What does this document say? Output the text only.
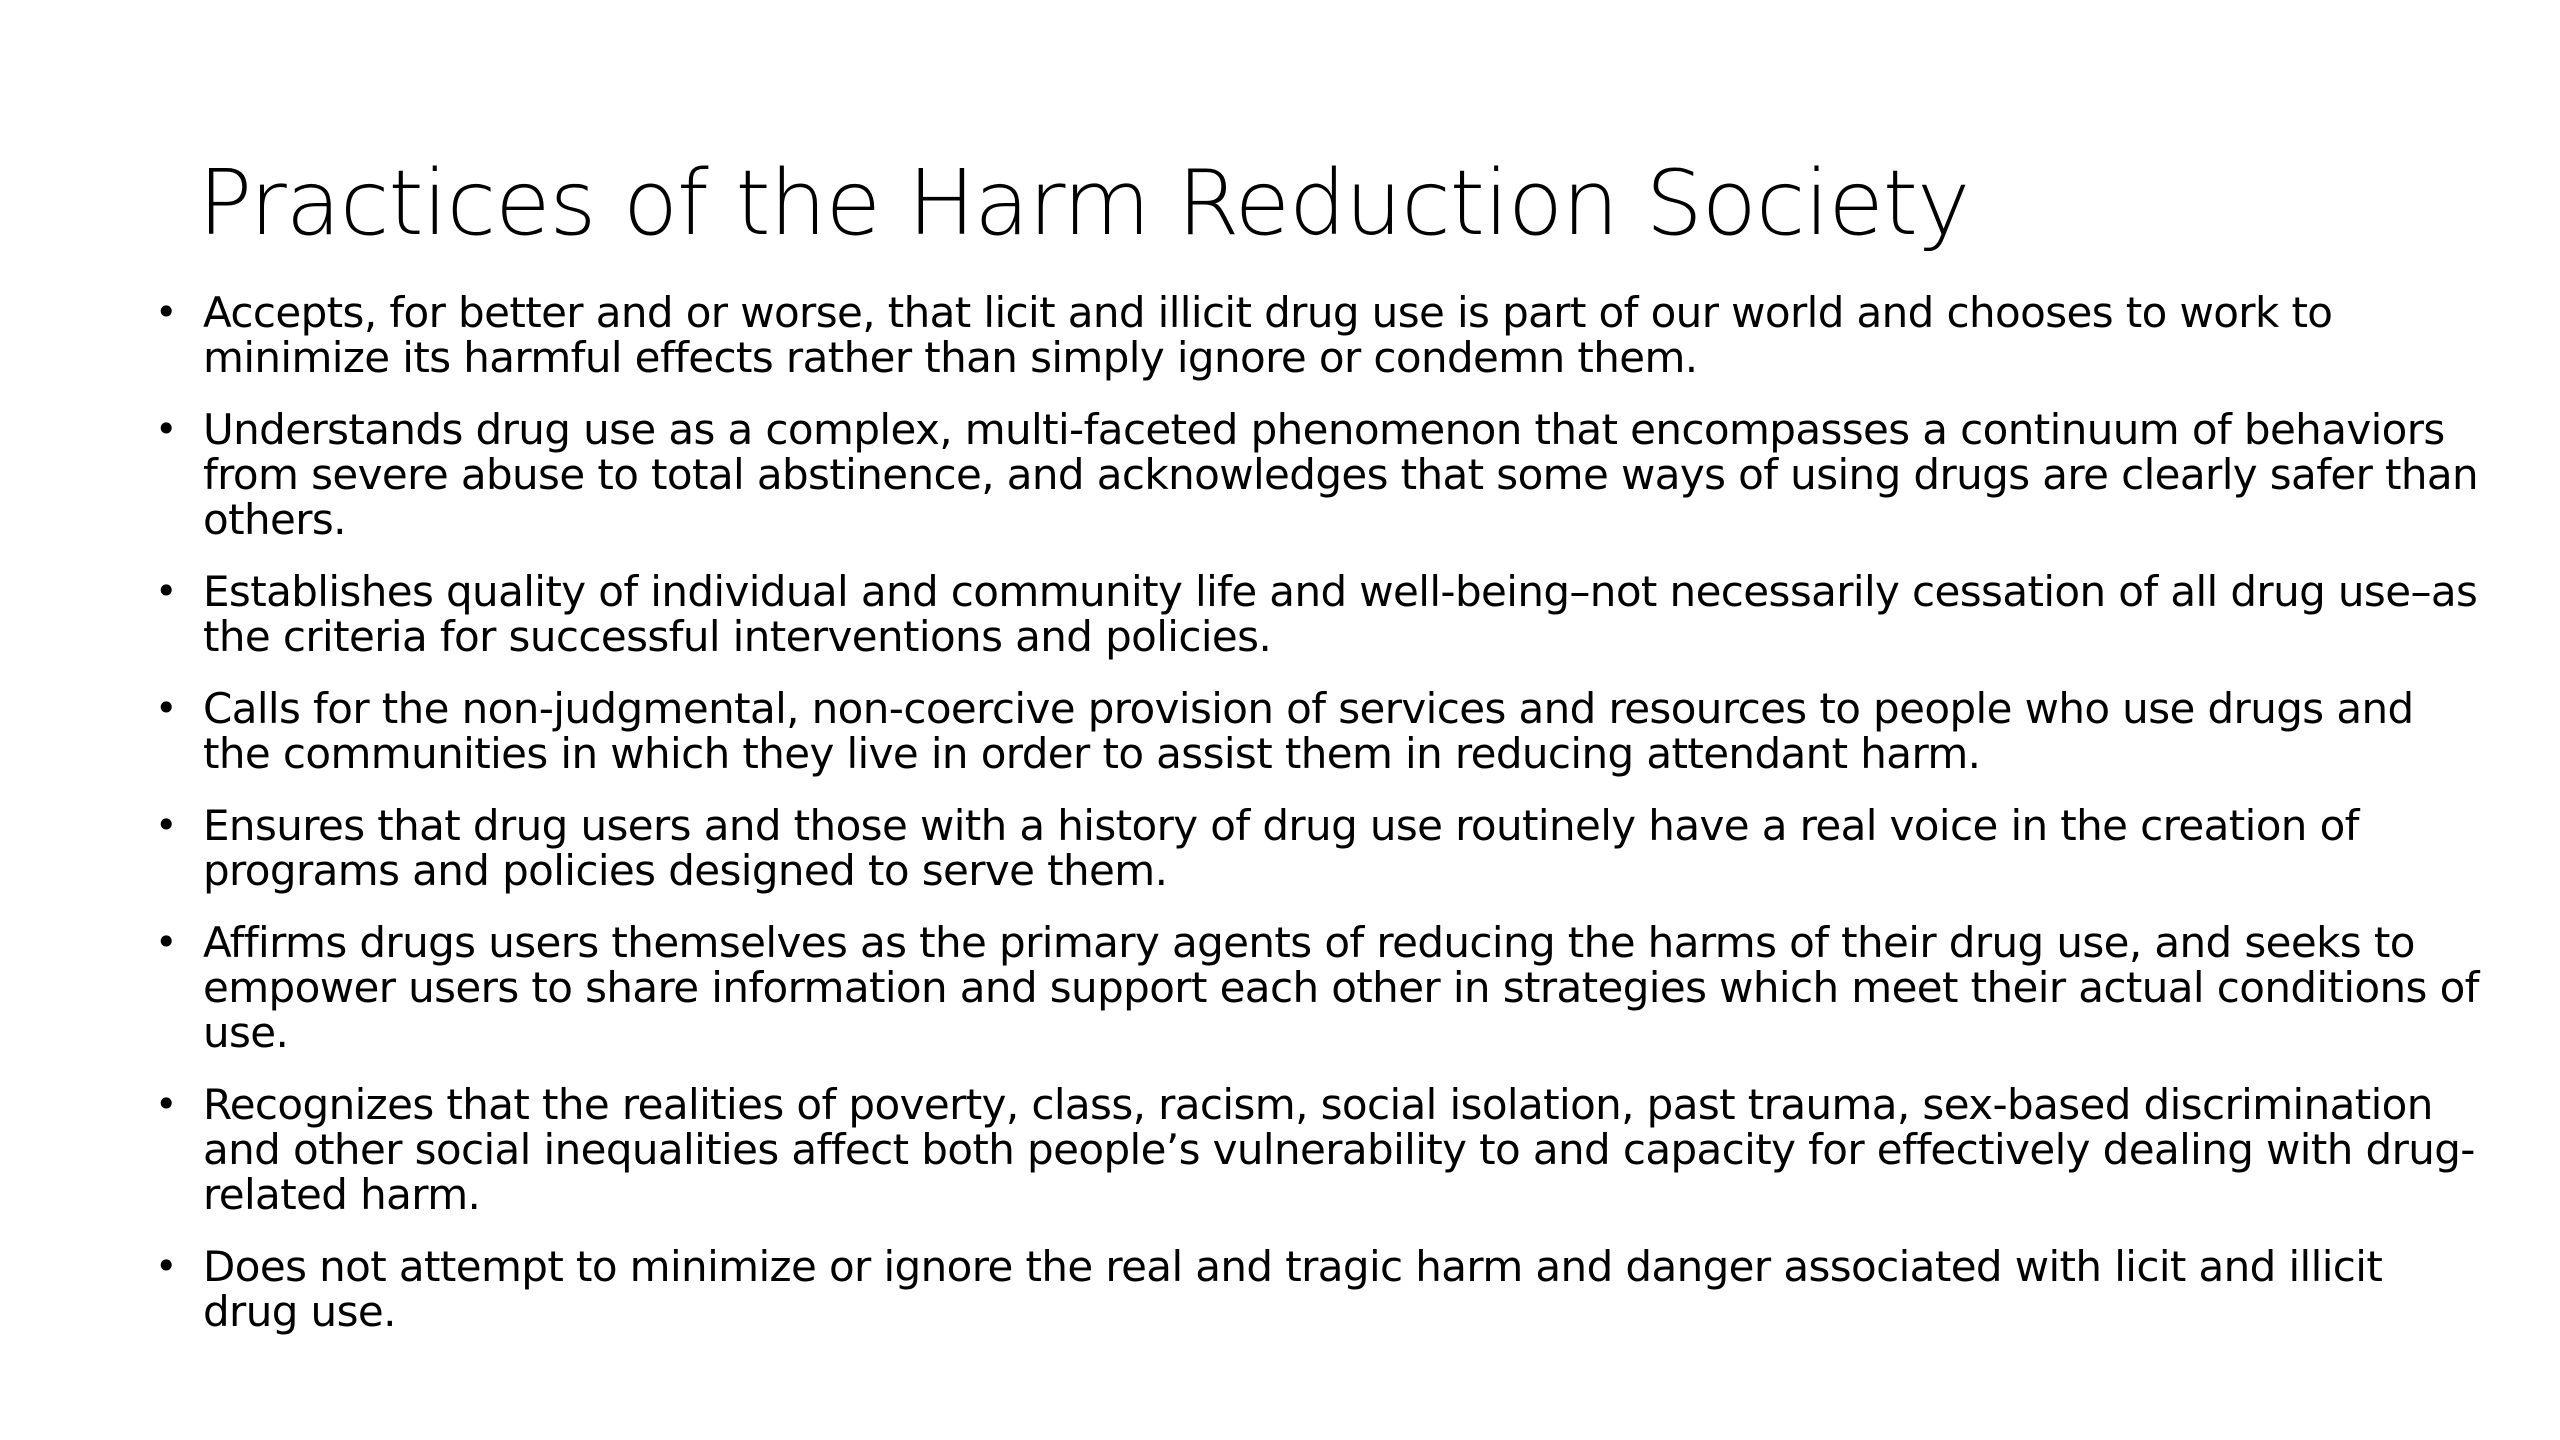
Practices of the Harm Reduction Society
• Accepts, for better and or worse, that licit and illicit drug use is part of our world and chooses to work to minimize its harmful effects rather than simply ignore or condemn them.
• Understands drug use as a complex, multi-faceted phenomenon that encompasses a continuum of behaviors from severe abuse to total abstinence, and acknowledges that some ways of using drugs are clearly safer than others.
• Establishes quality of individual and community life and well-being–not necessarily cessation of all drug use–as the criteria for successful interventions and policies.
• Calls for the non-judgmental, non-coercive provision of services and resources to people who use drugs and the communities in which they live in order to assist them in reducing attendant harm.
• Ensures that drug users and those with a history of drug use routinely have a real voice in the creation of programs and policies designed to serve them.
• Affirms drugs users themselves as the primary agents of reducing the harms of their drug use, and seeks to empower users to share information and support each other in strategies which meet their actual conditions of use.
• Recognizes that the realities of poverty, class, racism, social isolation, past trauma, sex-based discrimination and other social inequalities affect both people’s vulnerability to and capacity for effectively dealing with drug-related harm.
• Does not attempt to minimize or ignore the real and tragic harm and danger associated with licit and illicit drug use.
